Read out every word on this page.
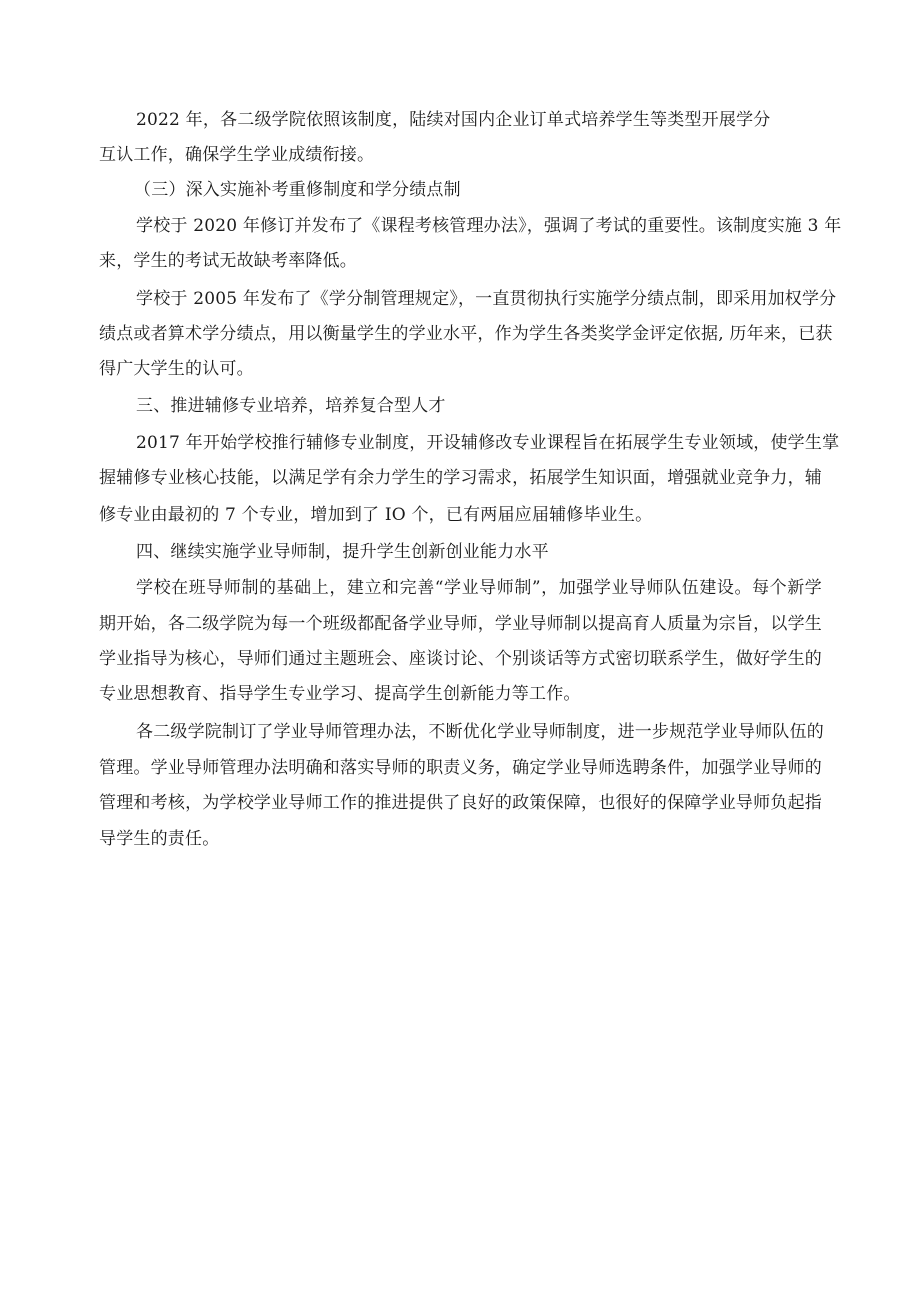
2022 年，各二级学院依照该制度，陆续对国内企业订单式培养学生等类型开展学分
互认工作，确保学生学业成绩衔接。
（三）深入实施补考重修制度和学分绩点制
学校于 2020 年修订并发布了《课程考核管理办法》，强调了考试的重要性。该制度实施 3 年
来，学生的考试无故缺考率降低。
学校于 2005 年发布了《学分制管理规定》，一直贯彻执行实施学分绩点制，即采用加权学分
绩点或者算术学分绩点，用以衡量学生的学业水平，作为学生各类奖学金评定依据, 历年来，已获
得广大学生的认可。
三、推进辅修专业培养，培养复合型人才
2017 年开始学校推行辅修专业制度，开设辅修改专业课程旨在拓展学生专业领域，使学生掌
握辅修专业核心技能，以满足学有余力学生的学习需求，拓展学生知识面，增强就业竞争力，辅
修专业由最初的 7 个专业，增加到了 IO 个，已有两届应届辅修毕业生。
四、继续实施学业导师制，提升学生创新创业能力水平
学校在班导师制的基础上，建立和完善“学业导师制”，加强学业导师队伍建设。每个新学
期开始，各二级学院为每一个班级都配备学业导师，学业导师制以提高育人质量为宗旨，以学生
学业指导为核心，导师们通过主题班会、座谈讨论、个别谈话等方式密切联系学生，做好学生的
专业思想教育、指导学生专业学习、提高学生创新能力等工作。
各二级学院制订了学业导师管理办法，不断优化学业导师制度，进一步规范学业导师队伍的
管理。学业导师管理办法明确和落实导师的职责义务，确定学业导师选聘条件，加强学业导师的
管理和考核，为学校学业导师工作的推进提供了良好的政策保障，也很好的保障学业导师负起指
导学生的责任。
